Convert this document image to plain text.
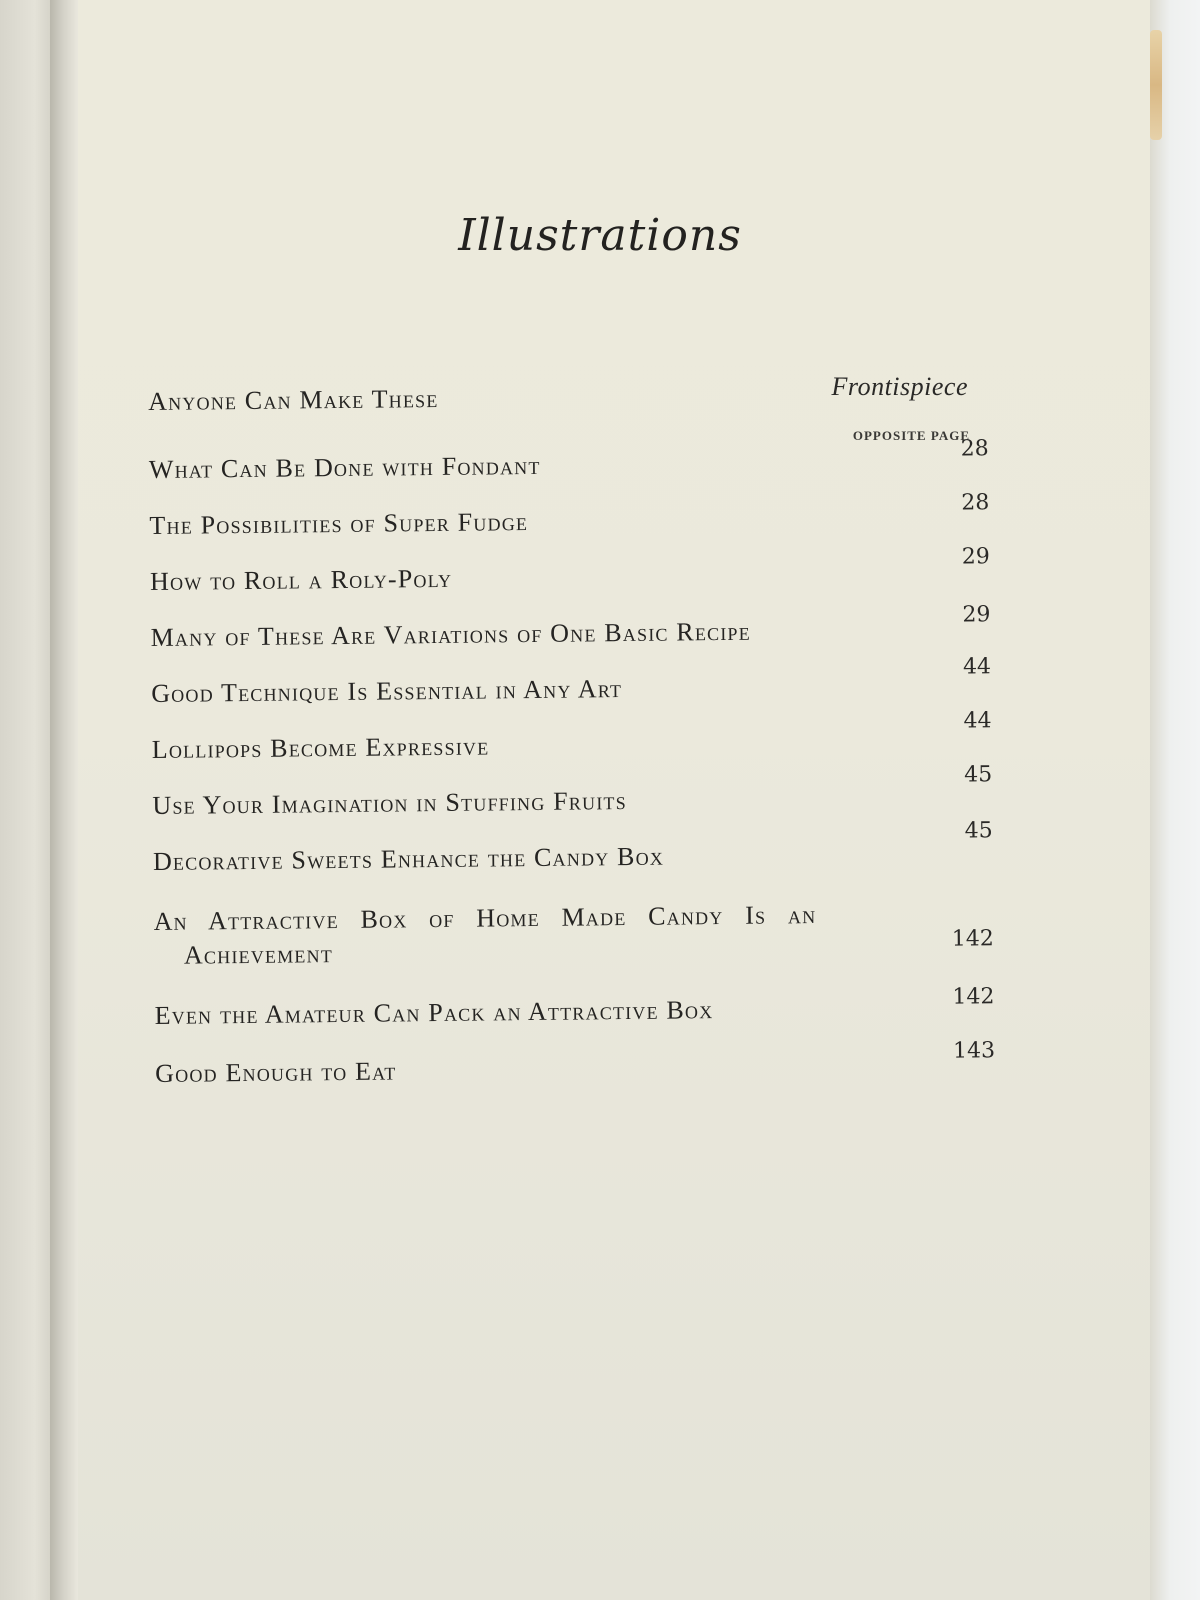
Illustrations
Frontispiece
OPPOSITE PAGE
Anyone Can Make These
What Can Be Done with Fondant
28
The Possibilities of Super Fudge
28
How to Roll a Roly-Poly
29
Many of These Are Variations of One Basic Recipe
29
Good Technique Is Essential in Any Art
44
Lollipops Become Expressive
44
Use Your Imagination in Stuffing Fruits
45
Decorative Sweets Enhance the Candy Box
45
An Attractive Box of Home Made Candy Is an
Achievement
142
Even the Amateur Can Pack an Attractive Box	142
Good Enough to Eat
143
